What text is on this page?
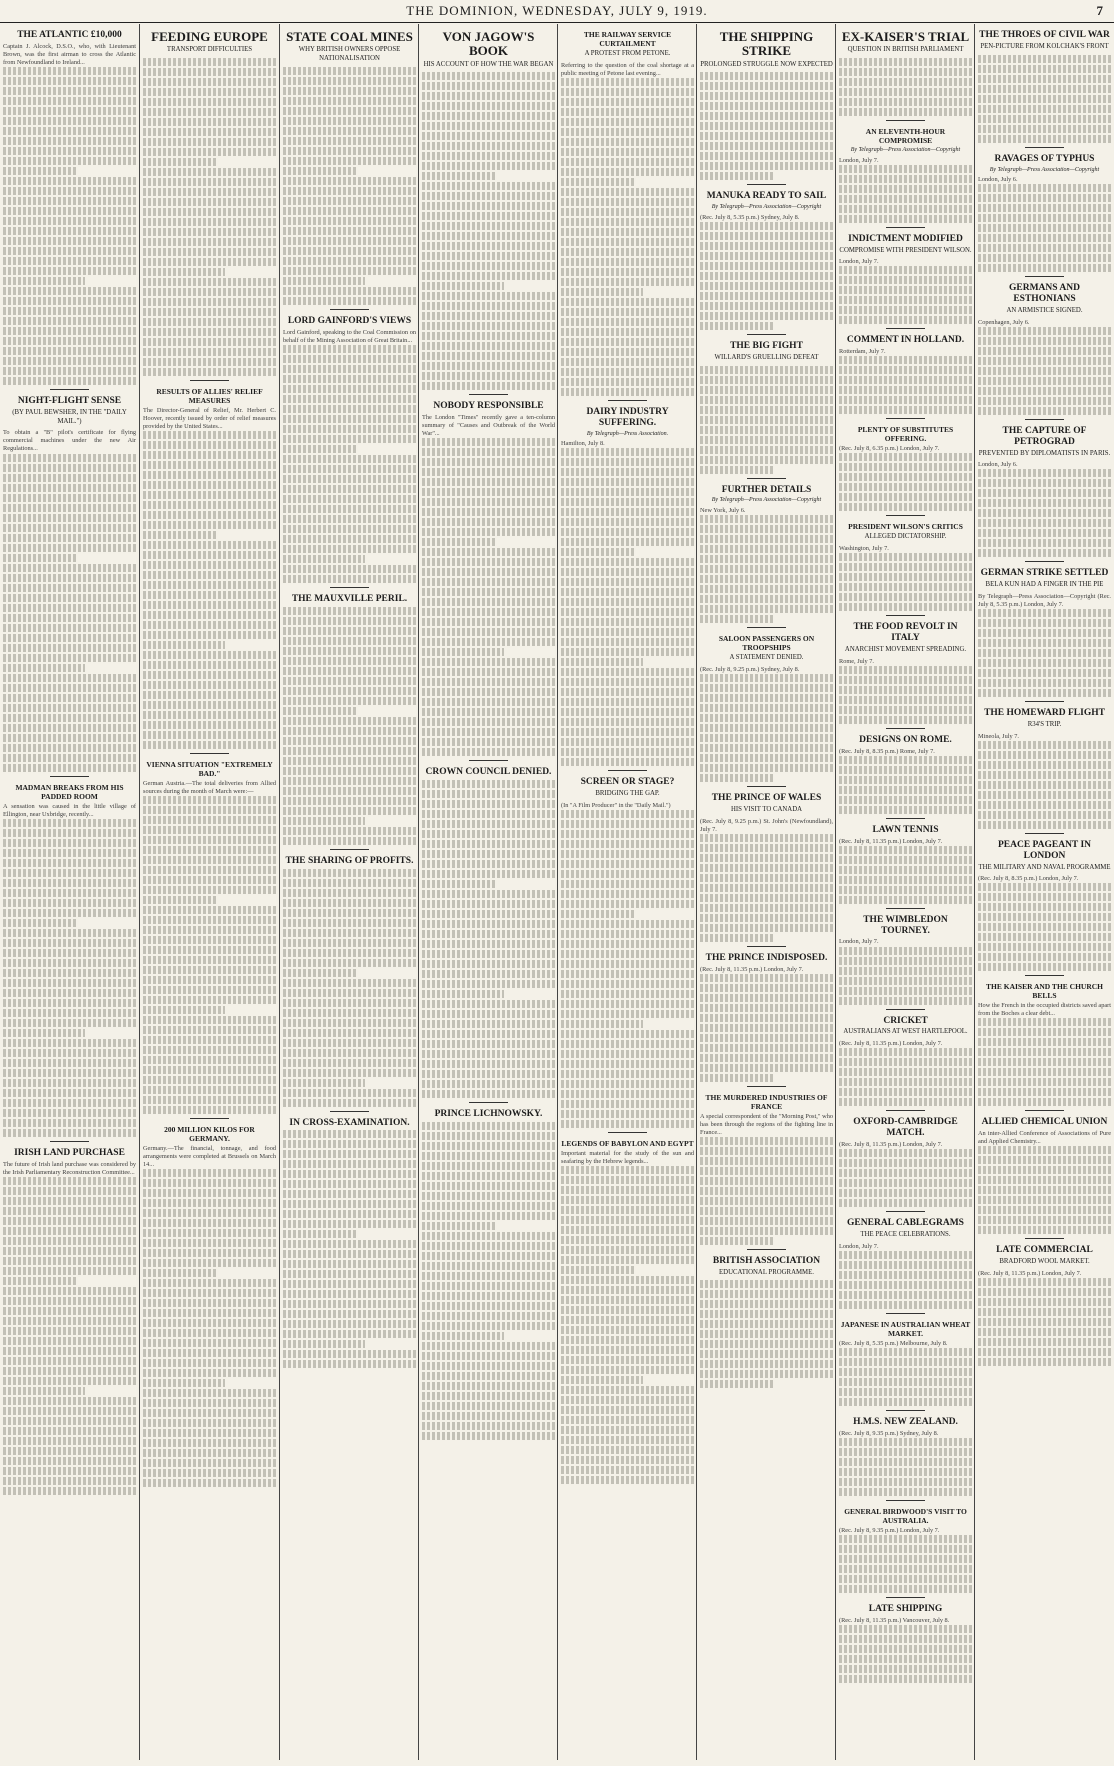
THE DOMINION, WEDNESDAY, JULY 9, 1919.	7
THE ATLANTIC £10,000
Captain J. Alcock, D.S.O., who, with Lieutenant Brown, was the first airman to cross the Atlantic from Newfoundland to Ireland...
NIGHT-FLIGHT SENSE
(BY PAUL BEWSHER, IN THE "DAILY MAIL.")
To obtain a "B" pilot's certificate for flying commercial machines under the new Air Regulations...
MADMAN BREAKS FROM HIS PADDED ROOM
A sensation was caused in the little village of Ellington, near Uxbridge, recently...
IRISH LAND PURCHASE
The future of Irish land purchase was considered by the Irish Parliamentary Reconstruction Committee...
FEEDING EUROPE
TRANSPORT DIFFICULTIES
RESULTS OF ALLIES' RELIEF MEASURES
The Director-General of Relief, Mr. Herbert C. Hoover, recently issued by order of relief measures provided by the United States...
VIENNA SITUATION "EXTREMELY BAD."
German Austria.—The total deliveries from Allied sources during the month of March were:—
200 MILLION KILOS FOR GERMANY.
Germany.—The financial, tonnage, and food arrangements were completed at Brussels on March 14...
STATE COAL MINES
WHY BRITISH OWNERS OPPOSE NATIONALISATION
LORD GAINFORD'S VIEWS
Lord Gainford, speaking to the Coal Commission on behalf of the Mining Association of Great Britain...
THE MAUXVILLE PERIL.
THE SHARING OF PROFITS.
IN CROSS-EXAMINATION.
VON JAGOW'S BOOK
HIS ACCOUNT OF HOW THE WAR BEGAN
NOBODY RESPONSIBLE
The London "Times" recently gave a ten-column summary of "Causes and Outbreak of the World War"...
CROWN COUNCIL DENIED.
PRINCE LICHNOWSKY.
THE RAILWAY SERVICE CURTAILMENT
A PROTEST FROM PETONE.
Referring to the question of the coal shortage at a public meeting of Petone last evening...
DAIRY INDUSTRY SUFFERING.
By Telegraph—Press Association.
Hamilton, July 8.
SCREEN OR STAGE?
BRIDGING THE GAP.
(In "A Film Producer" in the "Daily Mail.")
LEGENDS OF BABYLON AND EGYPT
Important material for the study of the sun and seafaring by the Hebrew legends...
THE SHIPPING STRIKE
PROLONGED STRUGGLE NOW EXPECTED
MANUKA READY TO SAIL
By Telegraph—Press Association—Copyright
(Rec. July 8, 5.35 p.m.) Sydney, July 8.
THE BIG FIGHT
WILLARD'S GRUELLING DEFEAT
FURTHER DETAILS
By Telegraph—Press Association—Copyright
New York, July 6.
SALOON PASSENGERS ON TROOPSHIPS
A STATEMENT DENIED.
(Rec. July 8, 9.25 p.m.) Sydney, July 8.
THE PRINCE OF WALES
HIS VISIT TO CANADA
(Rec. July 8, 9.25 p.m.) St. John's (Newfoundland), July 7.
THE PRINCE INDISPOSED.
(Rec. July 8, 11.35 p.m.) London, July 7.
THE MURDERED INDUSTRIES OF FRANCE
A special correspondent of the "Morning Post," who has been through the regions of the fighting line in France...
BRITISH ASSOCIATION
EDUCATIONAL PROGRAMME.
EX-KAISER'S TRIAL
QUESTION IN BRITISH PARLIAMENT
AN ELEVENTH-HOUR COMPROMISE
By Telegraph—Press Association—Copyright
London, July 7.
INDICTMENT MODIFIED
COMPROMISE WITH PRESIDENT WILSON.
London, July 7.
COMMENT IN HOLLAND.
Rotterdam, July 7.
PLENTY OF SUBSTITUTES OFFERING.
(Rec. July 8, 6.35 p.m.) London, July 7.
PRESIDENT WILSON'S CRITICS
ALLEGED DICTATORSHIP.
Washington, July 7.
THE FOOD REVOLT IN ITALY
ANARCHIST MOVEMENT SPREADING.
Rome, July 7.
DESIGNS ON ROME.
(Rec. July 8, 8.35 p.m.) Rome, July 7.
LAWN TENNIS
(Rec. July 8, 11.35 p.m.) London, July 7.
THE WIMBLEDON TOURNEY.
London, July 7.
CRICKET
AUSTRALIANS AT WEST HARTLEPOOL.
(Rec. July 8, 11.35 p.m.) London, July 7.
OXFORD-CAMBRIDGE MATCH.
(Rec. July 8, 11.35 p.m.) London, July 7.
GENERAL CABLEGRAMS
THE PEACE CELEBRATIONS.
London, July 7.
JAPANESE IN AUSTRALIAN WHEAT MARKET.
(Rec. July 8, 5.35 p.m.) Melbourne, July 8.
H.M.S. NEW ZEALAND.
(Rec. July 8, 9.35 p.m.) Sydney, July 8.
GENERAL BIRDWOOD'S VISIT TO AUSTRALIA.
(Rec. July 8, 9.35 p.m.) London, July 7.
LATE SHIPPING
(Rec. July 8, 11.35 p.m.) Vancouver, July 8.
THE THROES OF CIVIL WAR
PEN-PICTURE FROM KOLCHAK'S FRONT
RAVAGES OF TYPHUS
By Telegraph—Press Association—Copyright
London, July 6.
GERMANS AND ESTHONIANS
AN ARMISTICE SIGNED.
Copenhagen, July 6.
THE CAPTURE OF PETROGRAD
PREVENTED BY DIPLOMATISTS IN PARIS.
London, July 6.
GERMAN STRIKE SETTLED
BELA KUN HAD A FINGER IN THE PIE
By Telegraph—Press Association—Copyright (Rec. July 8, 5.35 p.m.) London, July 7.
THE HOMEWARD FLIGHT
R34'S TRIP.
Mineola, July 7.
PEACE PAGEANT IN LONDON
THE MILITARY AND NAVAL PROGRAMME
(Rec. July 8, 8.35 p.m.) London, July 7.
THE KAISER AND THE CHURCH BELLS
How the French in the occupied districts saved apart from the Boches a clear debt...
ALLIED CHEMICAL UNION
An inter-Allied Conference of Associations of Pure and Applied Chemistry...
LATE COMMERCIAL
BRADFORD WOOL MARKET.
(Rec. July 8, 11.35 p.m.) London, July 7.
